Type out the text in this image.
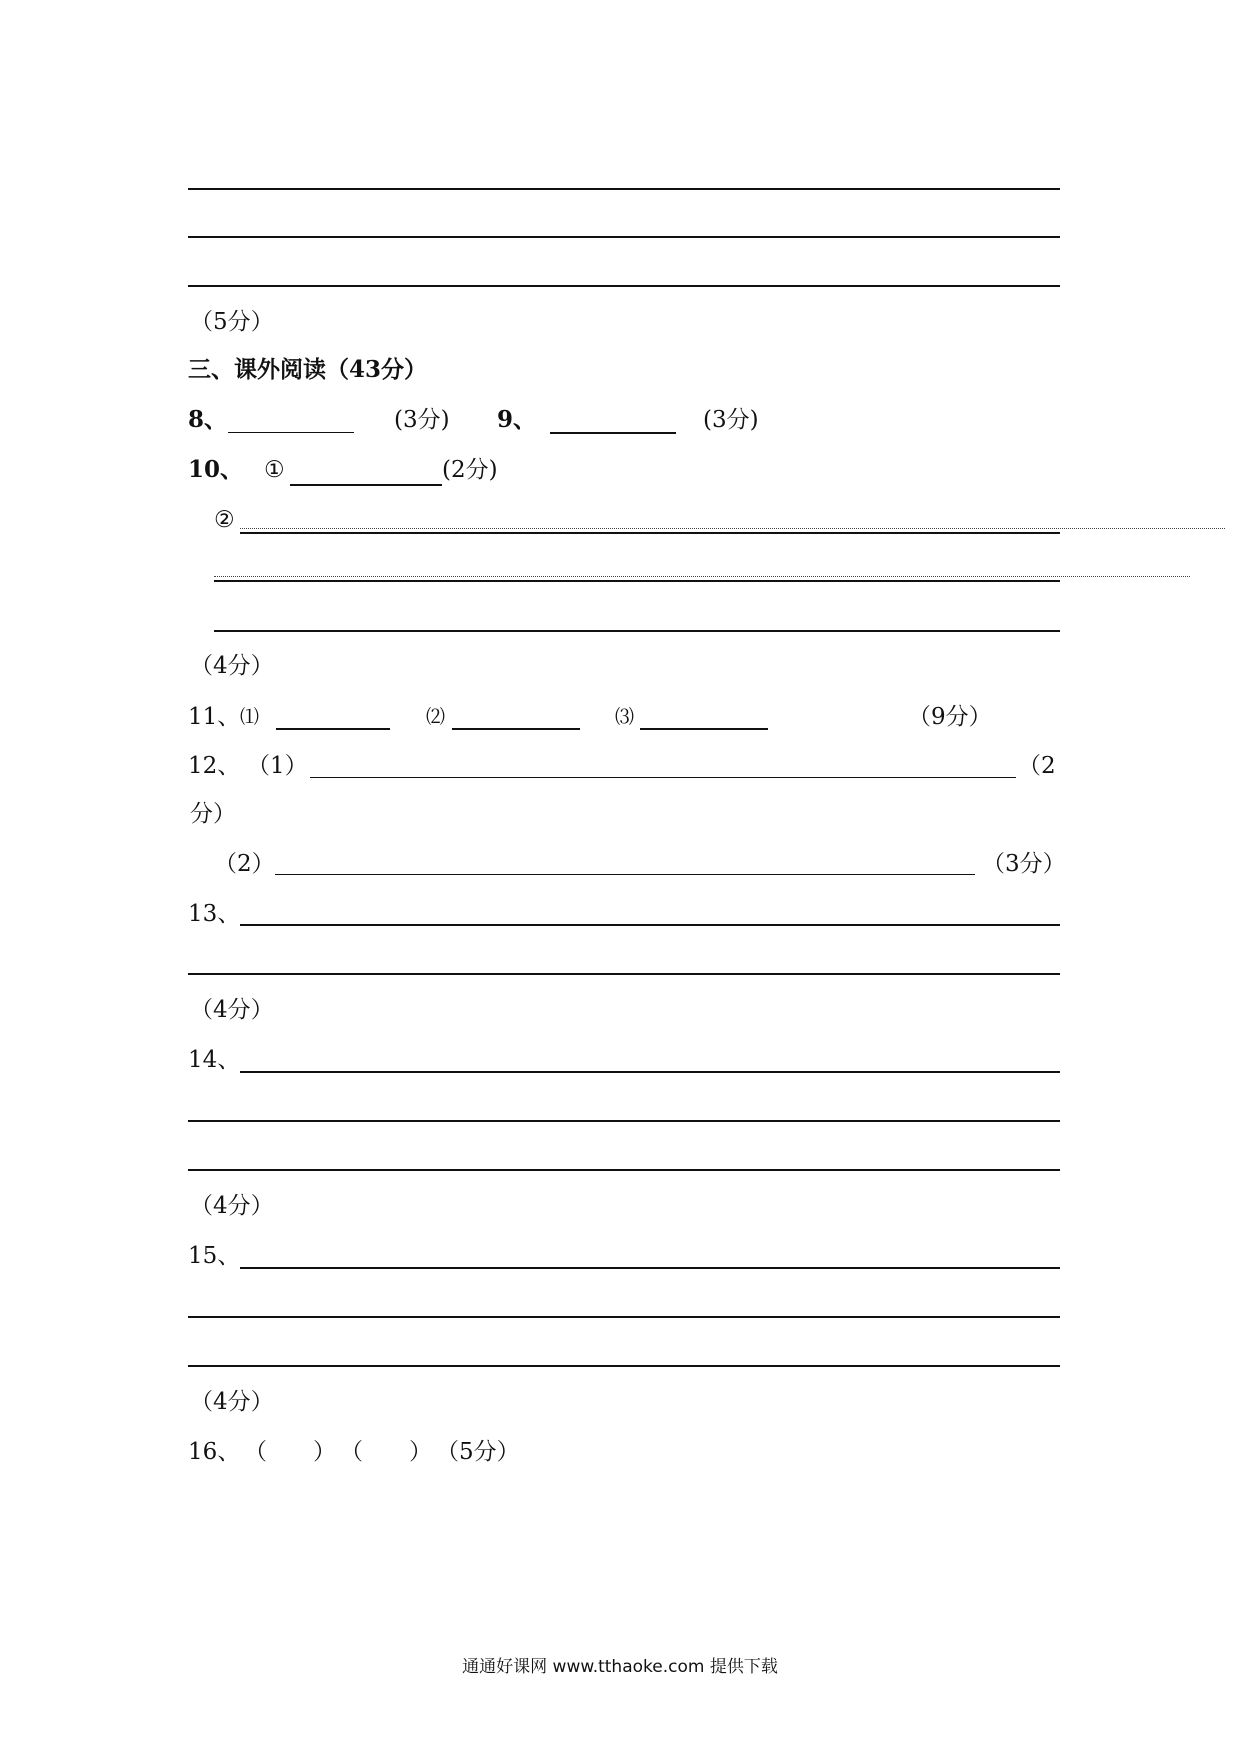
（5分）
三、课外阅读（43分）
8、	(3分) 9、	(3分)
10、 ①	(2分)
②
（4分）
11、 ⑴	⑵	⑶	（9分）
12、 （1）	（2
分）
（2）	（3分）
13、
（4分）
14、
（4分）
15、
（4分）
16、 （　　） （　　） （5分）
通通好课网 www.tthaoke.com 提供下载
